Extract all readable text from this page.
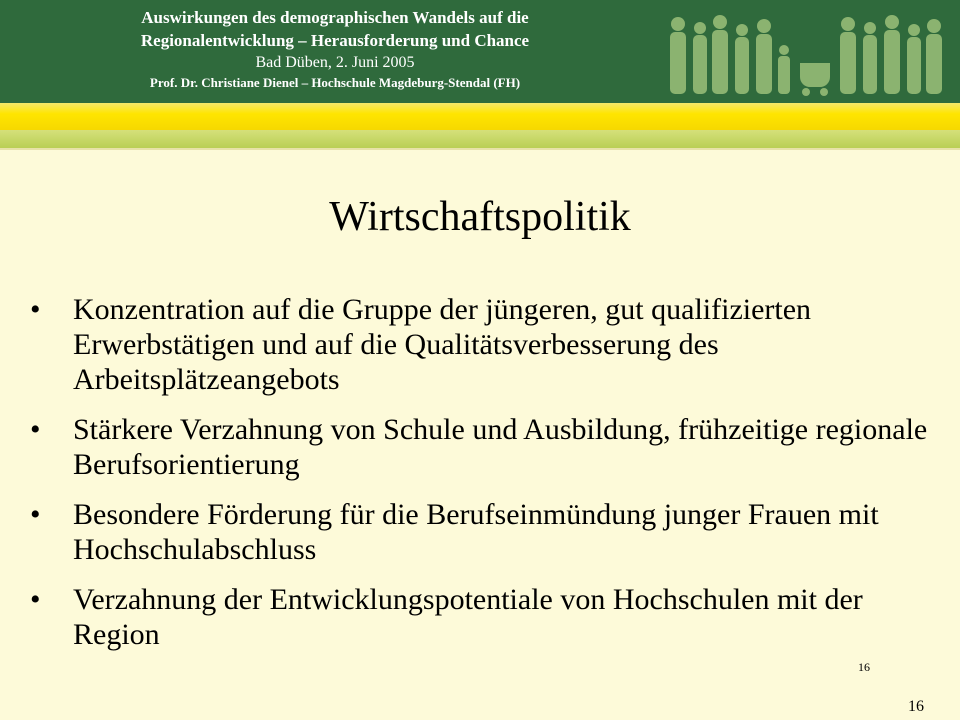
Auswirkungen des demographischen Wandels auf die
Regionalentwicklung – Herausforderung und Chance
Bad Düben, 2. Juni 2005
Prof. Dr. Christiane Dienel – Hochschule Magdeburg-Stendal (FH)
Wirtschaftspolitik
• Konzentration auf die Gruppe der jüngeren, gut qualifizierten Erwerbstätigen und auf die Qualitätsverbesserung des Arbeitsplätzeangebots
• Stärkere Verzahnung von Schule und Ausbildung, frühzeitige regionale Berufsorientierung
• Besondere Förderung für die Berufseinmündung junger Frauen mit Hochschulabschluss
• Verzahnung der Entwicklungspotentiale von Hochschulen mit der Region
16
16
